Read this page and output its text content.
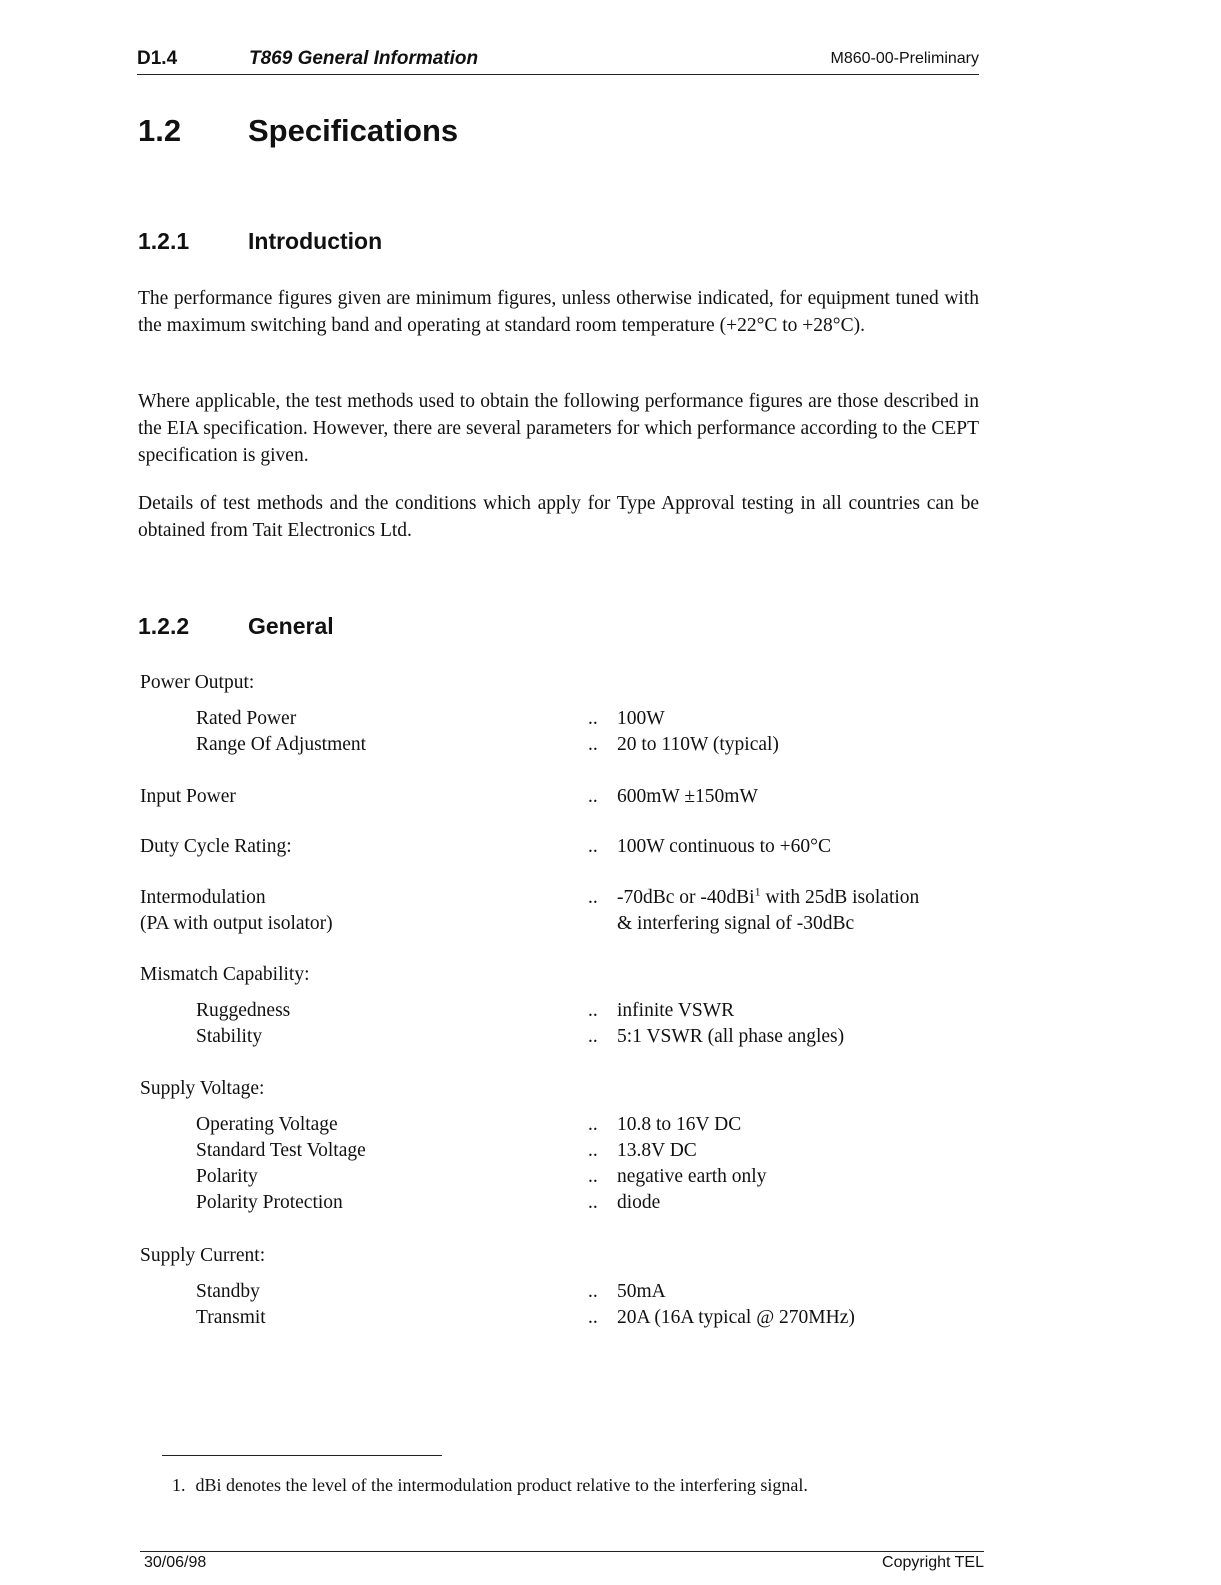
D1.4	T869 General Information	M860-00-Preliminary
1.2 Specifications
1.2.1	Introduction

The performance figures given are minimum figures, unless otherwise indicated, for equipment tuned with the maximum switching band and operating at standard room temperature (+22°C to +28°C).

Where applicable, the test methods used to obtain the following performance figures are those described in the EIA specification. However, there are several parameters for which performance according to the CEPT specification is given.

Details of test methods and the conditions which apply for Type Approval testing in all countries can be obtained from Tait Electronics Ltd.

1.2.2	General
Power Output:
Rated Power	.. 100W
Range Of Adjustment	.. 20 to 110W (typical)
Input Power	.. 600mW ±150mW
Duty Cycle Rating:	.. 100W continuous to +60°C
Intermodulation	.. -70dBc or -40dBi$^1$ with 25dB isolation
(PA with output isolator)	& interfering signal of -30dBc
Mismatch Capability:
Ruggedness	.. infinite VSWR
Stability	.. 5:1 VSWR (all phase angles)
Supply Voltage:
Operating Voltage	.. 10.8 to 16V DC
Standard Test Voltage	.. 13.8V DC
Polarity	.. negative earth only
Polarity Protection	.. diode
Supply Current:
Standby	.. 50mA
Transmit	.. 20A (16A typical @ 270MHz)
1. dBi denotes the level of the intermodulation product relative to the interfering signal.
30/06/98	Copyright TEL
